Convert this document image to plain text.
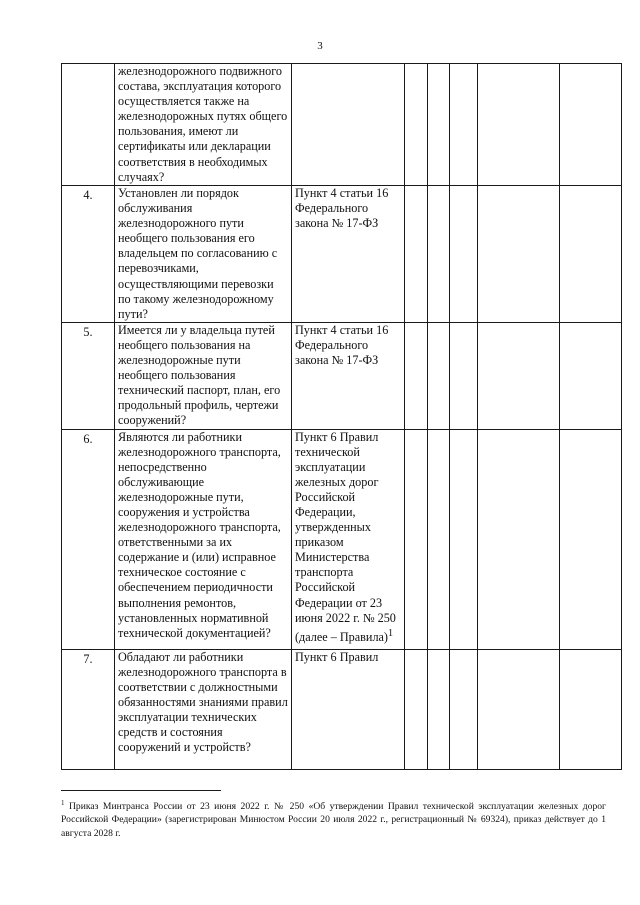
3
	железнодорожного подвижного состава, эксплуатация которого осуществляется также на железнодорожных путях общего пользования, имеют ли сертификаты или декларации соответствия в необходимых случаях?						
4.	Установлен ли порядок обслуживания железнодорожного пути необщего пользования его владельцем по согласованию с перевозчиками, осуществляющими перевозки по такому железнодорожному пути?	Пункт 4 статьи 16 Федерального закона № 17-ФЗ					
5.	Имеется ли у владельца путей необщего пользования на железнодорожные пути необщего пользования технический паспорт, план, его продольный профиль, чертежи сооружений?	Пункт 4 статьи 16 Федерального закона № 17-ФЗ					
6.	Являются ли работники железнодорожного транспорта, непосредственно обслуживающие железнодорожные пути, сооружения и устройства железнодорожного транспорта, ответственными за их содержание и (или) исправное техническое состояние с обеспечением периодичности выполнения ремонтов, установленных нормативной технической документацией?	Пункт 6 Правил технической эксплуатации железных дорог Российской Федерации, утвержденных приказом Министерства транспорта Российской Федерации от 23 июня 2022 г. № 250 (далее – Правила)$^1$					
7.	Обладают ли работники железнодорожного транспорта в соответствии с должностными обязанностями знаниями правил эксплуатации технических средств и состояния сооружений и устройств?	Пункт 6 Правил					
$^1$ Приказ Минтранса России от 23 июня 2022 г. № 250 «Об утверждении Правил технической эксплуатации железных дорог Российской Федерации» (зарегистрирован Минюстом России 20 июля 2022 г., регистрационный № 69324), приказ действует до 1 августа 2028 г.
